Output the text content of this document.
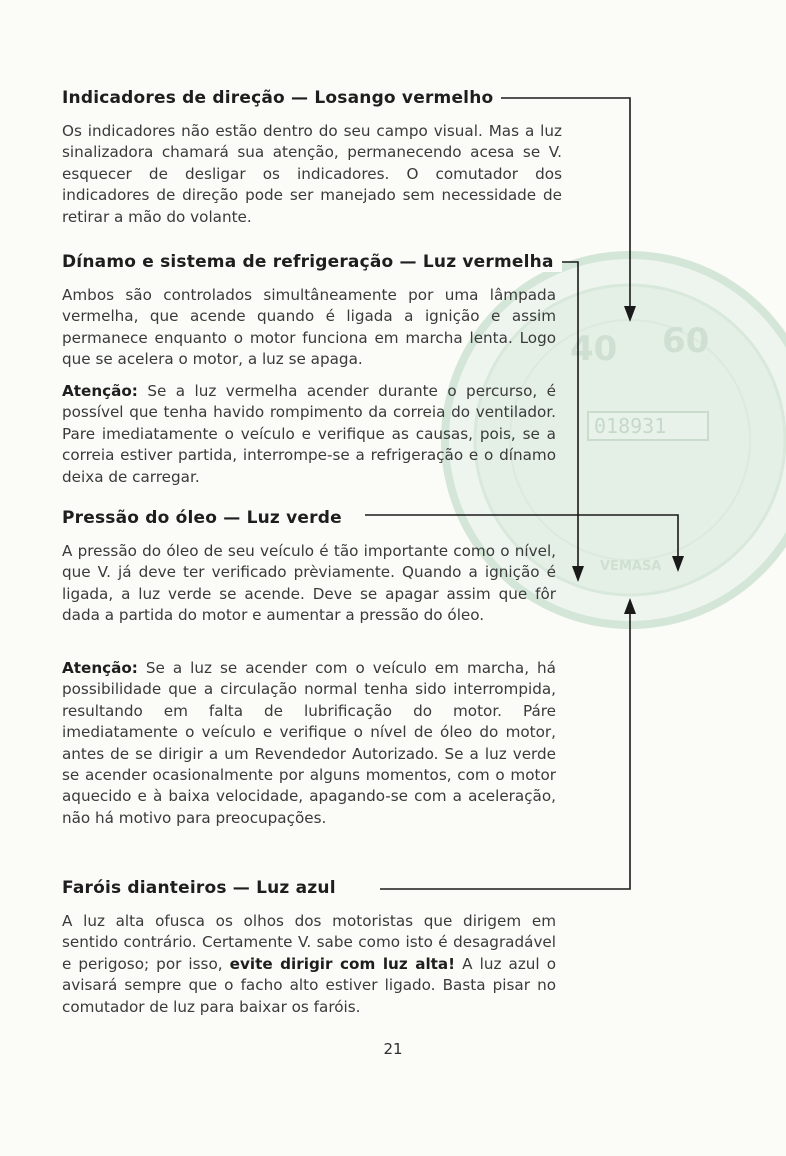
40 60
018931
VEMASA
Indicadores de direção — Losango vermelho

Os indicadores não estão dentro do seu campo visual. Mas a luz sinalizadora chamará sua atenção, permanecendo acesa se V. esquecer de desligar os indicadores. O comutador dos indicadores de direção pode ser manejado sem necessidade de retirar a mão do volante.

Dínamo e sistema de refrigeração — Luz vermelha

Ambos são controlados simultâneamente por uma lâmpada vermelha, que acende quando é ligada a ignição e assim permanece enquanto o motor funciona em marcha lenta. Logo que se acelera o motor, a luz se apaga.

Atenção: Se a luz vermelha acender durante o percurso, é possível que tenha havido rompimento da correia do ventilador. Pare imediatamente o veículo e verifique as causas, pois, se a correia estiver partida, interrompe-se a refrigeração e o dínamo deixa de carregar.

Pressão do óleo — Luz verde

A pressão do óleo de seu veículo é tão importante como o nível, que V. já deve ter verificado prèviamente. Quando a ignição é ligada, a luz verde se acende. Deve se apagar assim que fôr dada a partida do motor e aumentar a pressão do óleo.

Atenção: Se a luz se acender com o veículo em marcha, há possibilidade que a circulação normal tenha sido interrompida, resultando em falta de lubrificação do motor. Páre imediatamente o veículo e verifique o nível de óleo do motor, antes de se dirigir a um Revendedor Autorizado. Se a luz verde se acender ocasionalmente por alguns momentos, com o motor aquecido e à baixa velocidade, apagando-se com a aceleração, não há motivo para preocupações.

Faróis dianteiros — Luz azul

A luz alta ofusca os olhos dos motoristas que dirigem em sentido contrário. Certamente V. sabe como isto é desagradável e perigoso; por isso, evite dirigir com luz alta! A luz azul o avisará sempre que o facho alto estiver ligado. Basta pisar no comutador de luz para baixar os faróis.

21
